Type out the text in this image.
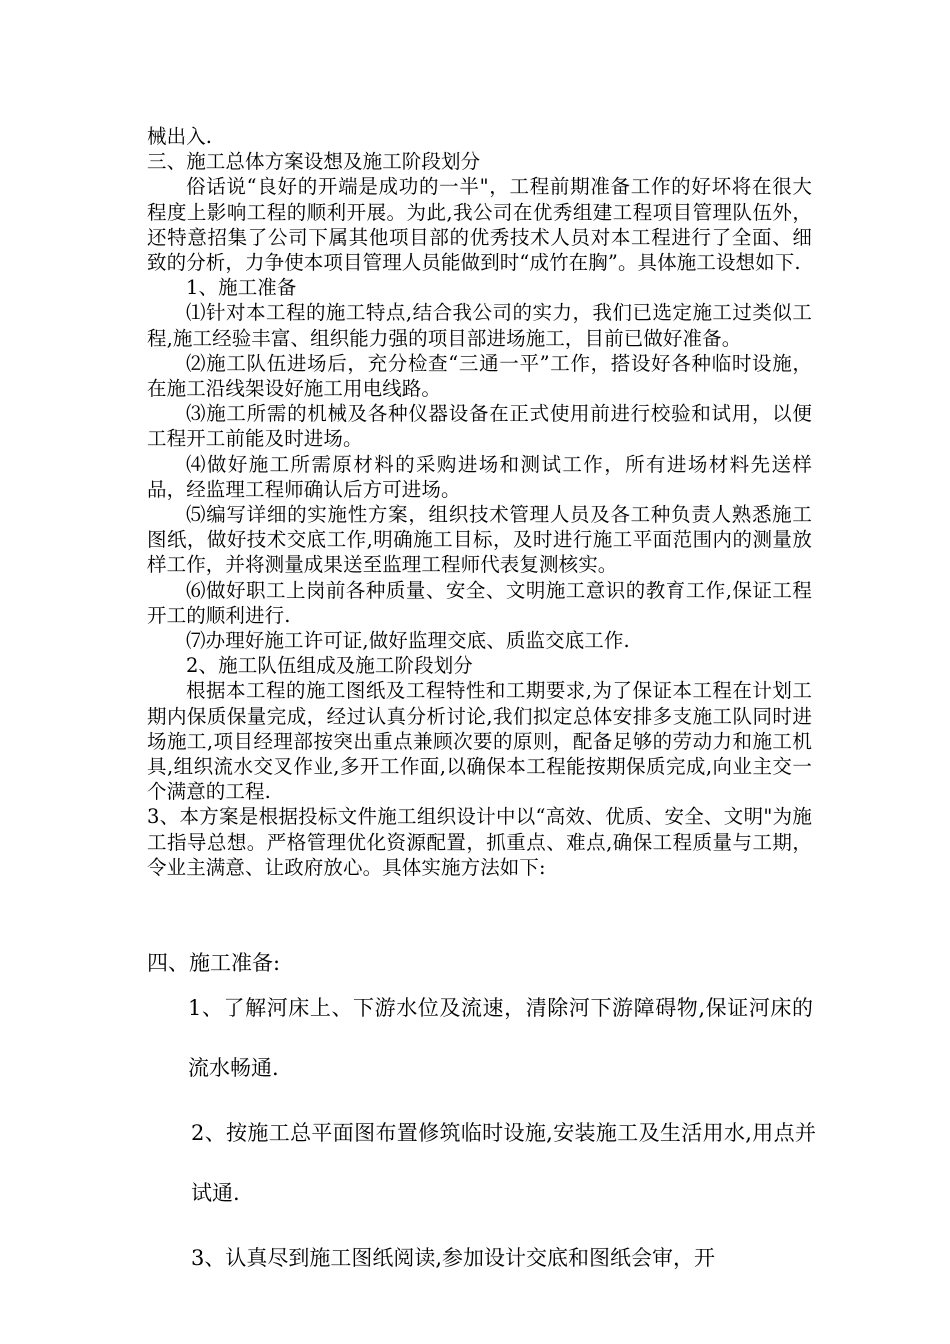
械出入.

三、施工总体方案设想及施工阶段划分

俗话说“良好的开端是成功的一半"，工程前期准备工作的好坏将在很大程度上影响工程的顺利开展。为此,我公司在优秀组建工程项目管理队伍外，还特意招集了公司下属其他项目部的优秀技术人员对本工程进行了全面、细致的分析，力争使本项目管理人员能做到时“成竹在胸”。具体施工设想如下.

1、施工准备

⑴针对本工程的施工特点,结合我公司的实力，我们已选定施工过类似工程,施工经验丰富、组织能力强的项目部进场施工，目前已做好准备。

⑵施工队伍进场后，充分检查“三通一平”工作，搭设好各种临时设施，在施工沿线架设好施工用电线路。

⑶施工所需的机械及各种仪器设备在正式使用前进行校验和试用，以便工程开工前能及时进场。

⑷做好施工所需原材料的采购进场和测试工作，所有进场材料先送样品，经监理工程师确认后方可进场。

⑸编写详细的实施性方案，组织技术管理人员及各工种负责人熟悉施工图纸，做好技术交底工作,明确施工目标，及时进行施工平面范围内的测量放样工作，并将测量成果送至监理工程师代表复测核实。

⑹做好职工上岗前各种质量、安全、文明施工意识的教育工作,保证工程开工的顺利进行.

⑺办理好施工许可证,做好监理交底、质监交底工作.

2、施工队伍组成及施工阶段划分

根据本工程的施工图纸及工程特性和工期要求,为了保证本工程在计划工期内保质保量完成，经过认真分析讨论,我们拟定总体安排多支施工队同时进场施工,项目经理部按突出重点兼顾次要的原则，配备足够的劳动力和施工机具,组织流水交叉作业,多开工作面,以确保本工程能按期保质完成,向业主交一个满意的工程.

3、本方案是根据投标文件施工组织设计中以“高效、优质、安全、文明"为施工指导总想。严格管理优化资源配置，抓重点、难点,确保工程质量与工期，令业主满意、让政府放心。具体实施方法如下:

四、施工准备:

1、了解河床上、下游水位及流速，清除河下游障碍物,保证河床的流水畅通.

2、按施工总平面图布置修筑临时设施,安装施工及生活用水,用点并试通.

3、认真尽到施工图纸阅读,参加设计交底和图纸会审，开
